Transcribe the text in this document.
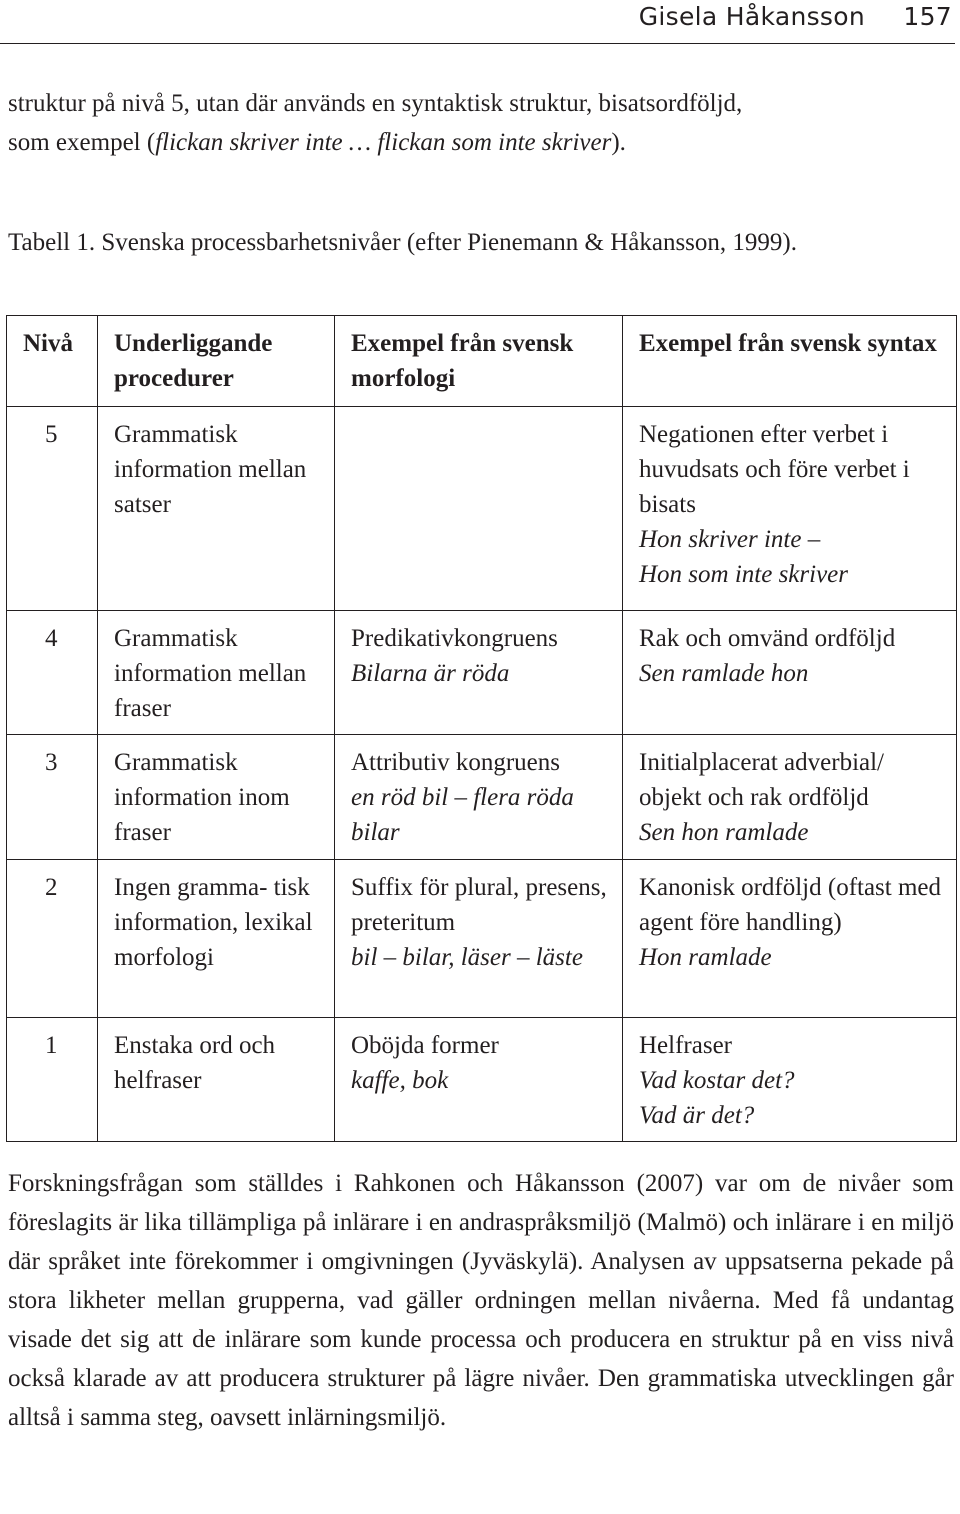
Gisela Håkansson 157

struktur på nivå 5, utan där används en syntaktisk struktur, bisatsordföljd,
som exempel (flickan skriver inte … flickan som inte skriver).

Tabell 1. Svenska processbarhetsnivåer (efter Pienemann & Håkansson, 1999).

Nivå	Underliggande procedurer	Exempel från svensk morfologi	Exempel från svensk syntax
5	Grammatisk information mellan satser		Negationen efter verbet i huvudsats och före verbet i bisats
Hon skriver inte –
Hon som inte skriver

4	Grammatisk information mellan fraser	Predikativkongruens
Bilarna är röda	Rak och omvänd ordföljd
Sen ramlade hon

3	Grammatisk information inom fraser	Attributiv kongruens
en röd bil – flera röda bilar	Initialplacerat adverbial/ objekt och rak ordföljd
Sen hon ramlade

2	Ingen gramma- tisk information, lexikal morfologi	Suffix för plural, presens, preteritum
bil – bilar, läser – läste	Kanonisk ordföljd (oftast med agent före handling)
Hon ramlade

1	Enstaka ord och helfraser	Oböjda former
kaffe, bok	Helfraser
Vad kostar det?
Vad är det?

Forskningsfrågan som ställdes i Rahkonen och Håkansson (2007) var om de nivåer som föreslagits är lika tillämpliga på inlärare i en andraspråksmiljö (Malmö) och inlärare i en miljö där språket inte förekommer i omgivningen (Jyväskylä). Analysen av uppsatserna pekade på stora likheter mellan grupperna, vad gäller ordningen mellan nivåerna. Med få undantag visade det sig att de inlärare som kunde processa och producera en struktur på en viss nivå också klarade av att producera strukturer på lägre nivåer. Den grammatiska utvecklingen går alltså i samma steg, oavsett inlärningsmiljö.
